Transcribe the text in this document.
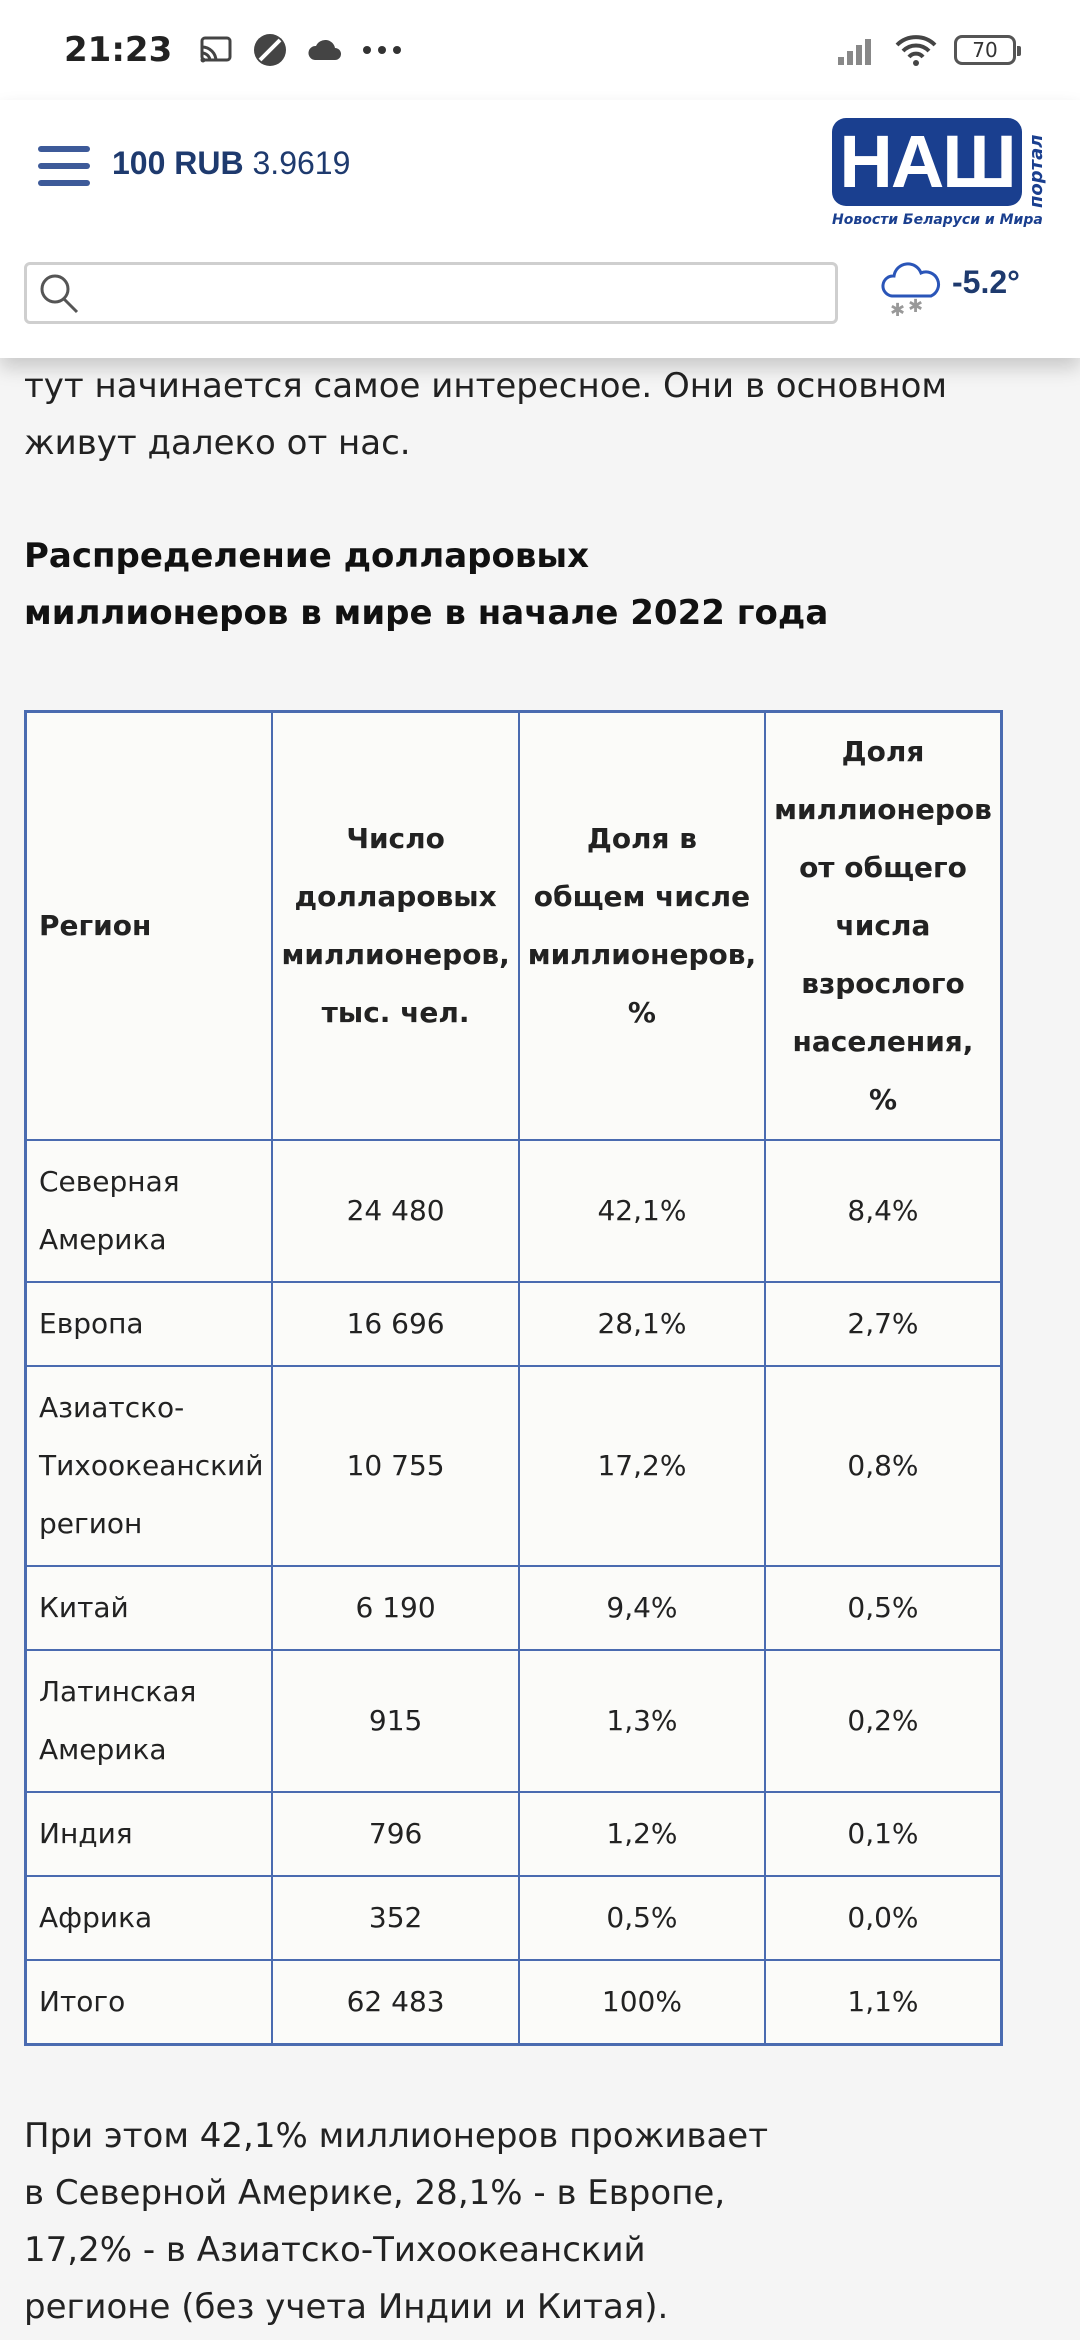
21:23	70
100 RUB 3.9619	НАШ портал
Новости Беларуси и Мира
✱ ✱
-5.2°

тут начинается самое интересное. Они в основном живут далеко от нас.

Распределение долларовых миллионеров в мире в начале 2022 года
Регион	Число долларовых миллионеров, тыс. чел.	Доля в общем числе миллионеров, %	Доля миллионеров от общего числа взрослого населения, %
Северная Америка	24 480	42,1%	8,4%
Европа	16 696	28,1%	2,7%
Азиатско-Тихоокеанский регион	10 755	17,2%	0,8%
Китай	6 190	9,4%	0,5%
Латинская Америка	915	1,3%	0,2%
Индия	796	1,2%	0,1%
Африка	352	0,5%	0,0%
Итого	62 483	100%	1,1%

При этом 42,1% миллионеров проживает в Северной Америке, 28,1% - в Европе, 17,2% - в Азиатско-Тихоокеанский регионе (без учета Индии и Китая).
